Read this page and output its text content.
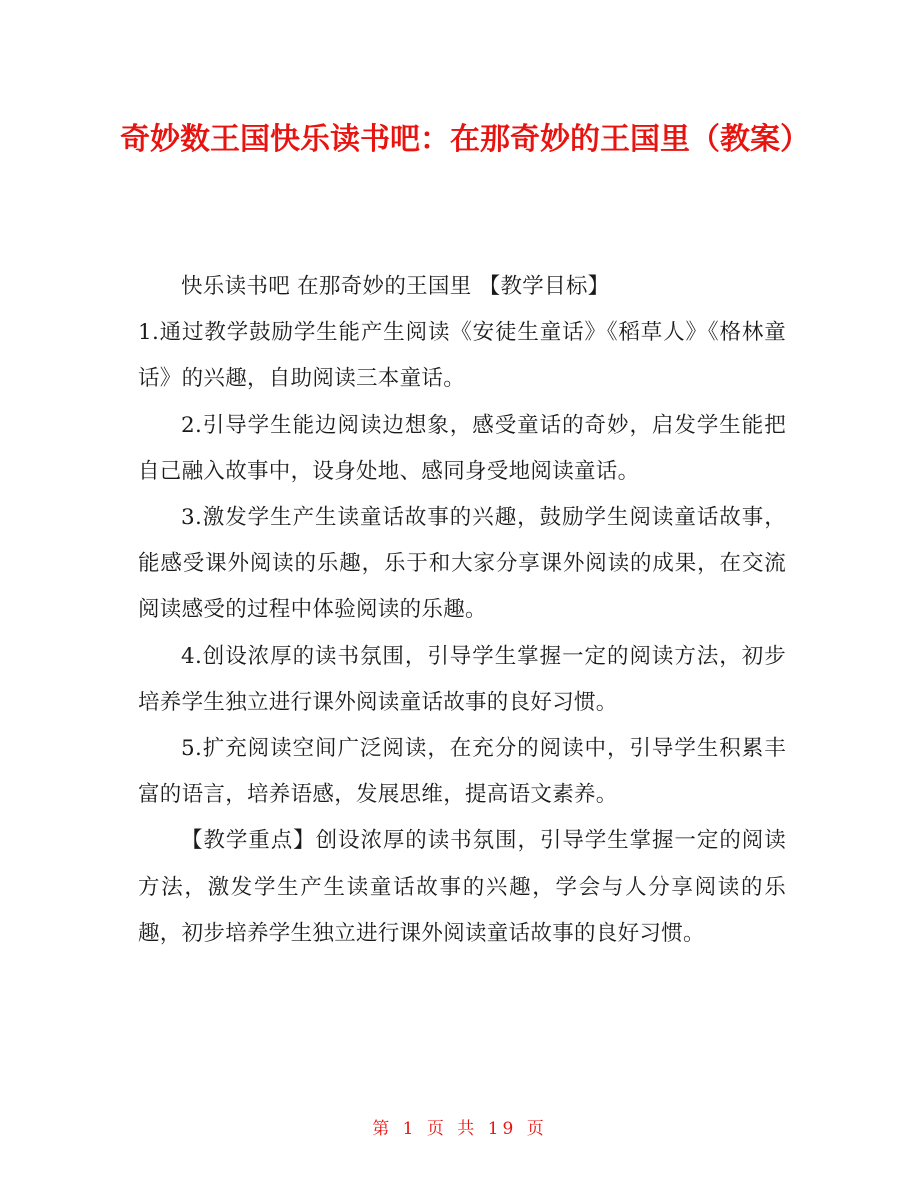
奇妙数王国快乐读书吧：在那奇妙的王国里（教案）

快乐读书吧 在那奇妙的王国里 【教学目标】

1.通过教学鼓励学生能产生阅读《安徒生童话》《稻草人》《格林童话》的兴趣，自助阅读三本童话。

2.引导学生能边阅读边想象，感受童话的奇妙，启发学生能把自己融入故事中，设身处地、感同身受地阅读童话。

3.激发学生产生读童话故事的兴趣，鼓励学生阅读童话故事，能感受课外阅读的乐趣，乐于和大家分享课外阅读的成果，在交流阅读感受的过程中体验阅读的乐趣。

4.创设浓厚的读书氛围，引导学生掌握一定的阅读方法，初步培养学生独立进行课外阅读童话故事的良好习惯。

5.扩充阅读空间广泛阅读，在充分的阅读中，引导学生积累丰富的语言，培养语感，发展思维，提高语文素养。

【教学重点】创设浓厚的读书氛围，引导学生掌握一定的阅读方法，激发学生产生读童话故事的兴趣，学会与人分享阅读的乐趣，初步培养学生独立进行课外阅读童话故事的良好习惯。

第 1 页 共 19 页
